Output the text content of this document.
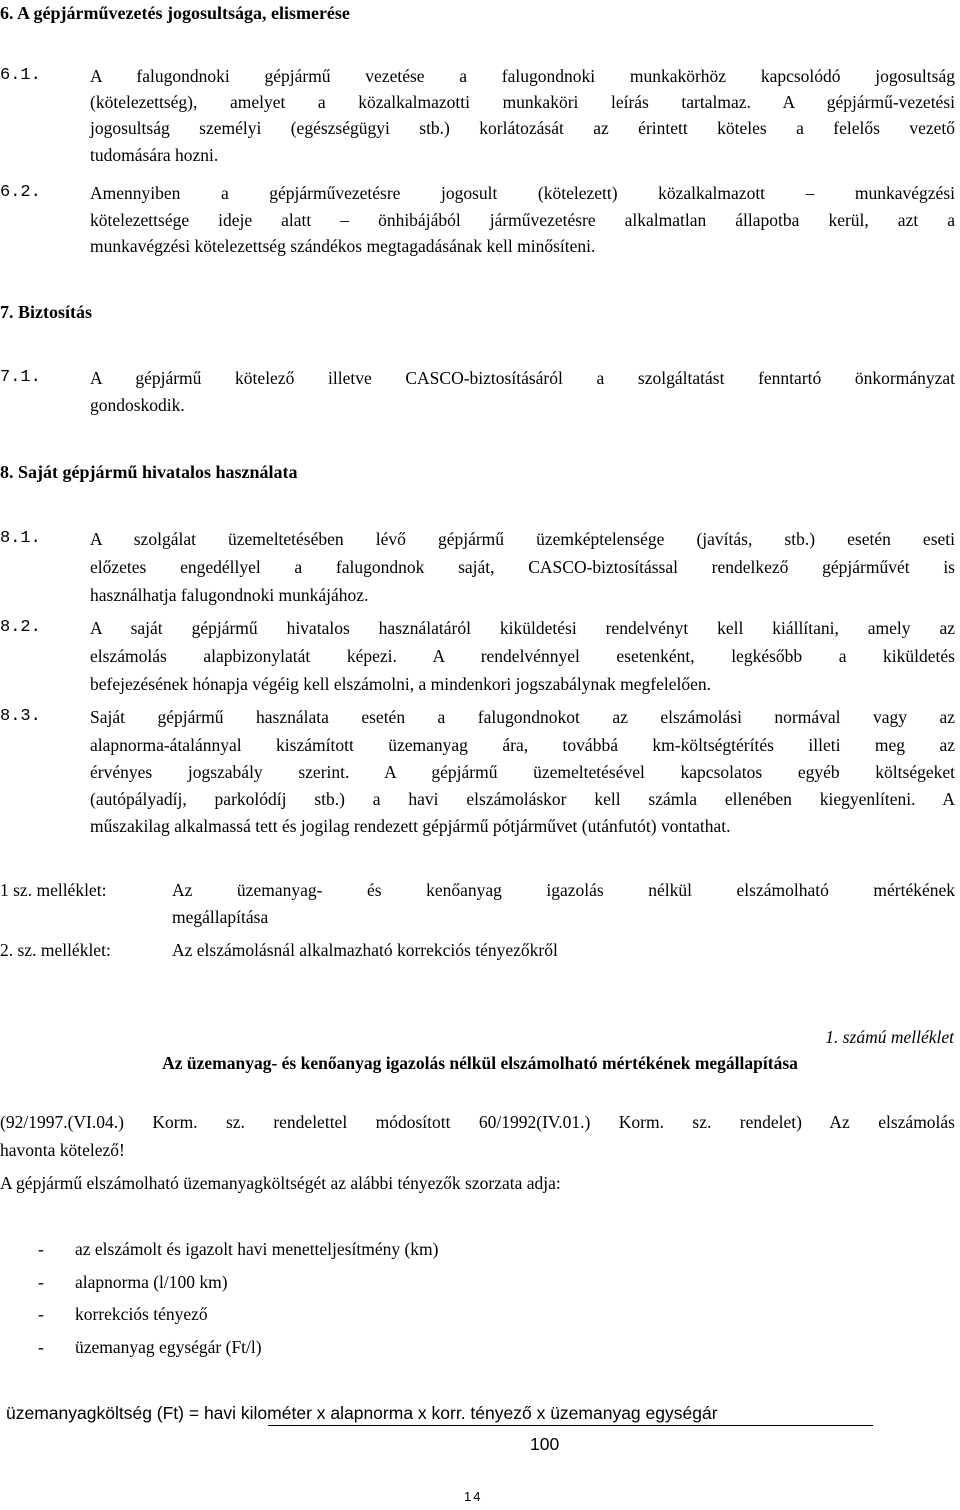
6. A gépjárművezetés jogosultsága, elismerése
6.1.	A falugondnoki gépjármű vezetése a falugondnoki munkakörhöz kapcsolódó jogosultság
(kötelezettség), amelyet a közalkalmazotti munkaköri leírás tartalmaz. A gépjármű-vezetési
jogosultság személyi (egészségügyi stb.) korlátozását az érintett köteles a felelős vezető
tudomására hozni.
6.2.	Amennyiben a gépjárművezetésre jogosult (kötelezett) közalkalmazott – munkavégzési
kötelezettsége ideje alatt – önhibájából járművezetésre alkalmatlan állapotba kerül, azt a
munkavégzési kötelezettség szándékos megtagadásának kell minősíteni.
7. Biztosítás
7.1.	A gépjármű kötelező illetve CASCO-biztosításáról a szolgáltatást fenntartó önkormányzat
gondoskodik.
8. Saját gépjármű hivatalos használata
8.1.	A szolgálat üzemeltetésében lévő gépjármű üzemképtelensége (javítás, stb.) esetén eseti
előzetes engedéllyel a falugondnok saját, CASCO-biztosítással rendelkező gépjárművét is
használhatja falugondnoki munkájához.
8.2.	A saját gépjármű hivatalos használatáról kiküldetési rendelvényt kell kiállítani, amely az
elszámolás alapbizonylatát képezi. A rendelvénnyel esetenként, legkésőbb a kiküldetés
befejezésének hónapja végéig kell elszámolni, a mindenkori jogszabálynak megfelelően.
8.3.	Saját gépjármű használata esetén a falugondnokot az elszámolási normával vagy az
alapnorma-átalánnyal kiszámított üzemanyag ára, továbbá km-költségtérítés illeti meg az
érvényes jogszabály szerint. A gépjármű üzemeltetésével kapcsolatos egyéb költségeket
(autópályadíj, parkolódíj stb.) a havi elszámoláskor kell számla ellenében kiegyenlíteni. A
műszakilag alkalmassá tett és jogilag rendezett gépjármű pótjárművet (utánfutót) vontathat.
1 sz. melléklet:	Az üzemanyag- és kenőanyag igazolás nélkül elszámolható mértékének
megállapítása
2. sz. melléklet:	Az elszámolásnál alkalmazható korrekciós tényezőkről
1. számú melléklet
Az üzemanyag- és kenőanyag igazolás nélkül elszámolható mértékének megállapítása
(92/1997.(VI.04.) Korm. sz. rendelettel módosított 60/1992(IV.01.) Korm. sz. rendelet) Az elszámolás
havonta kötelező!
A gépjármű elszámolható üzemanyagköltségét az alábbi tényezők szorzata adja:
- az elszámolt és igazolt havi menetteljesítmény (km)
- alapnorma (l/100 km)
- korrekciós tényező
- üzemanyag egységár (Ft/l)
üzemanyagköltség (Ft) = havi kilométer x alapnorma x korr. tényező x üzemanyag egységár
100
14
